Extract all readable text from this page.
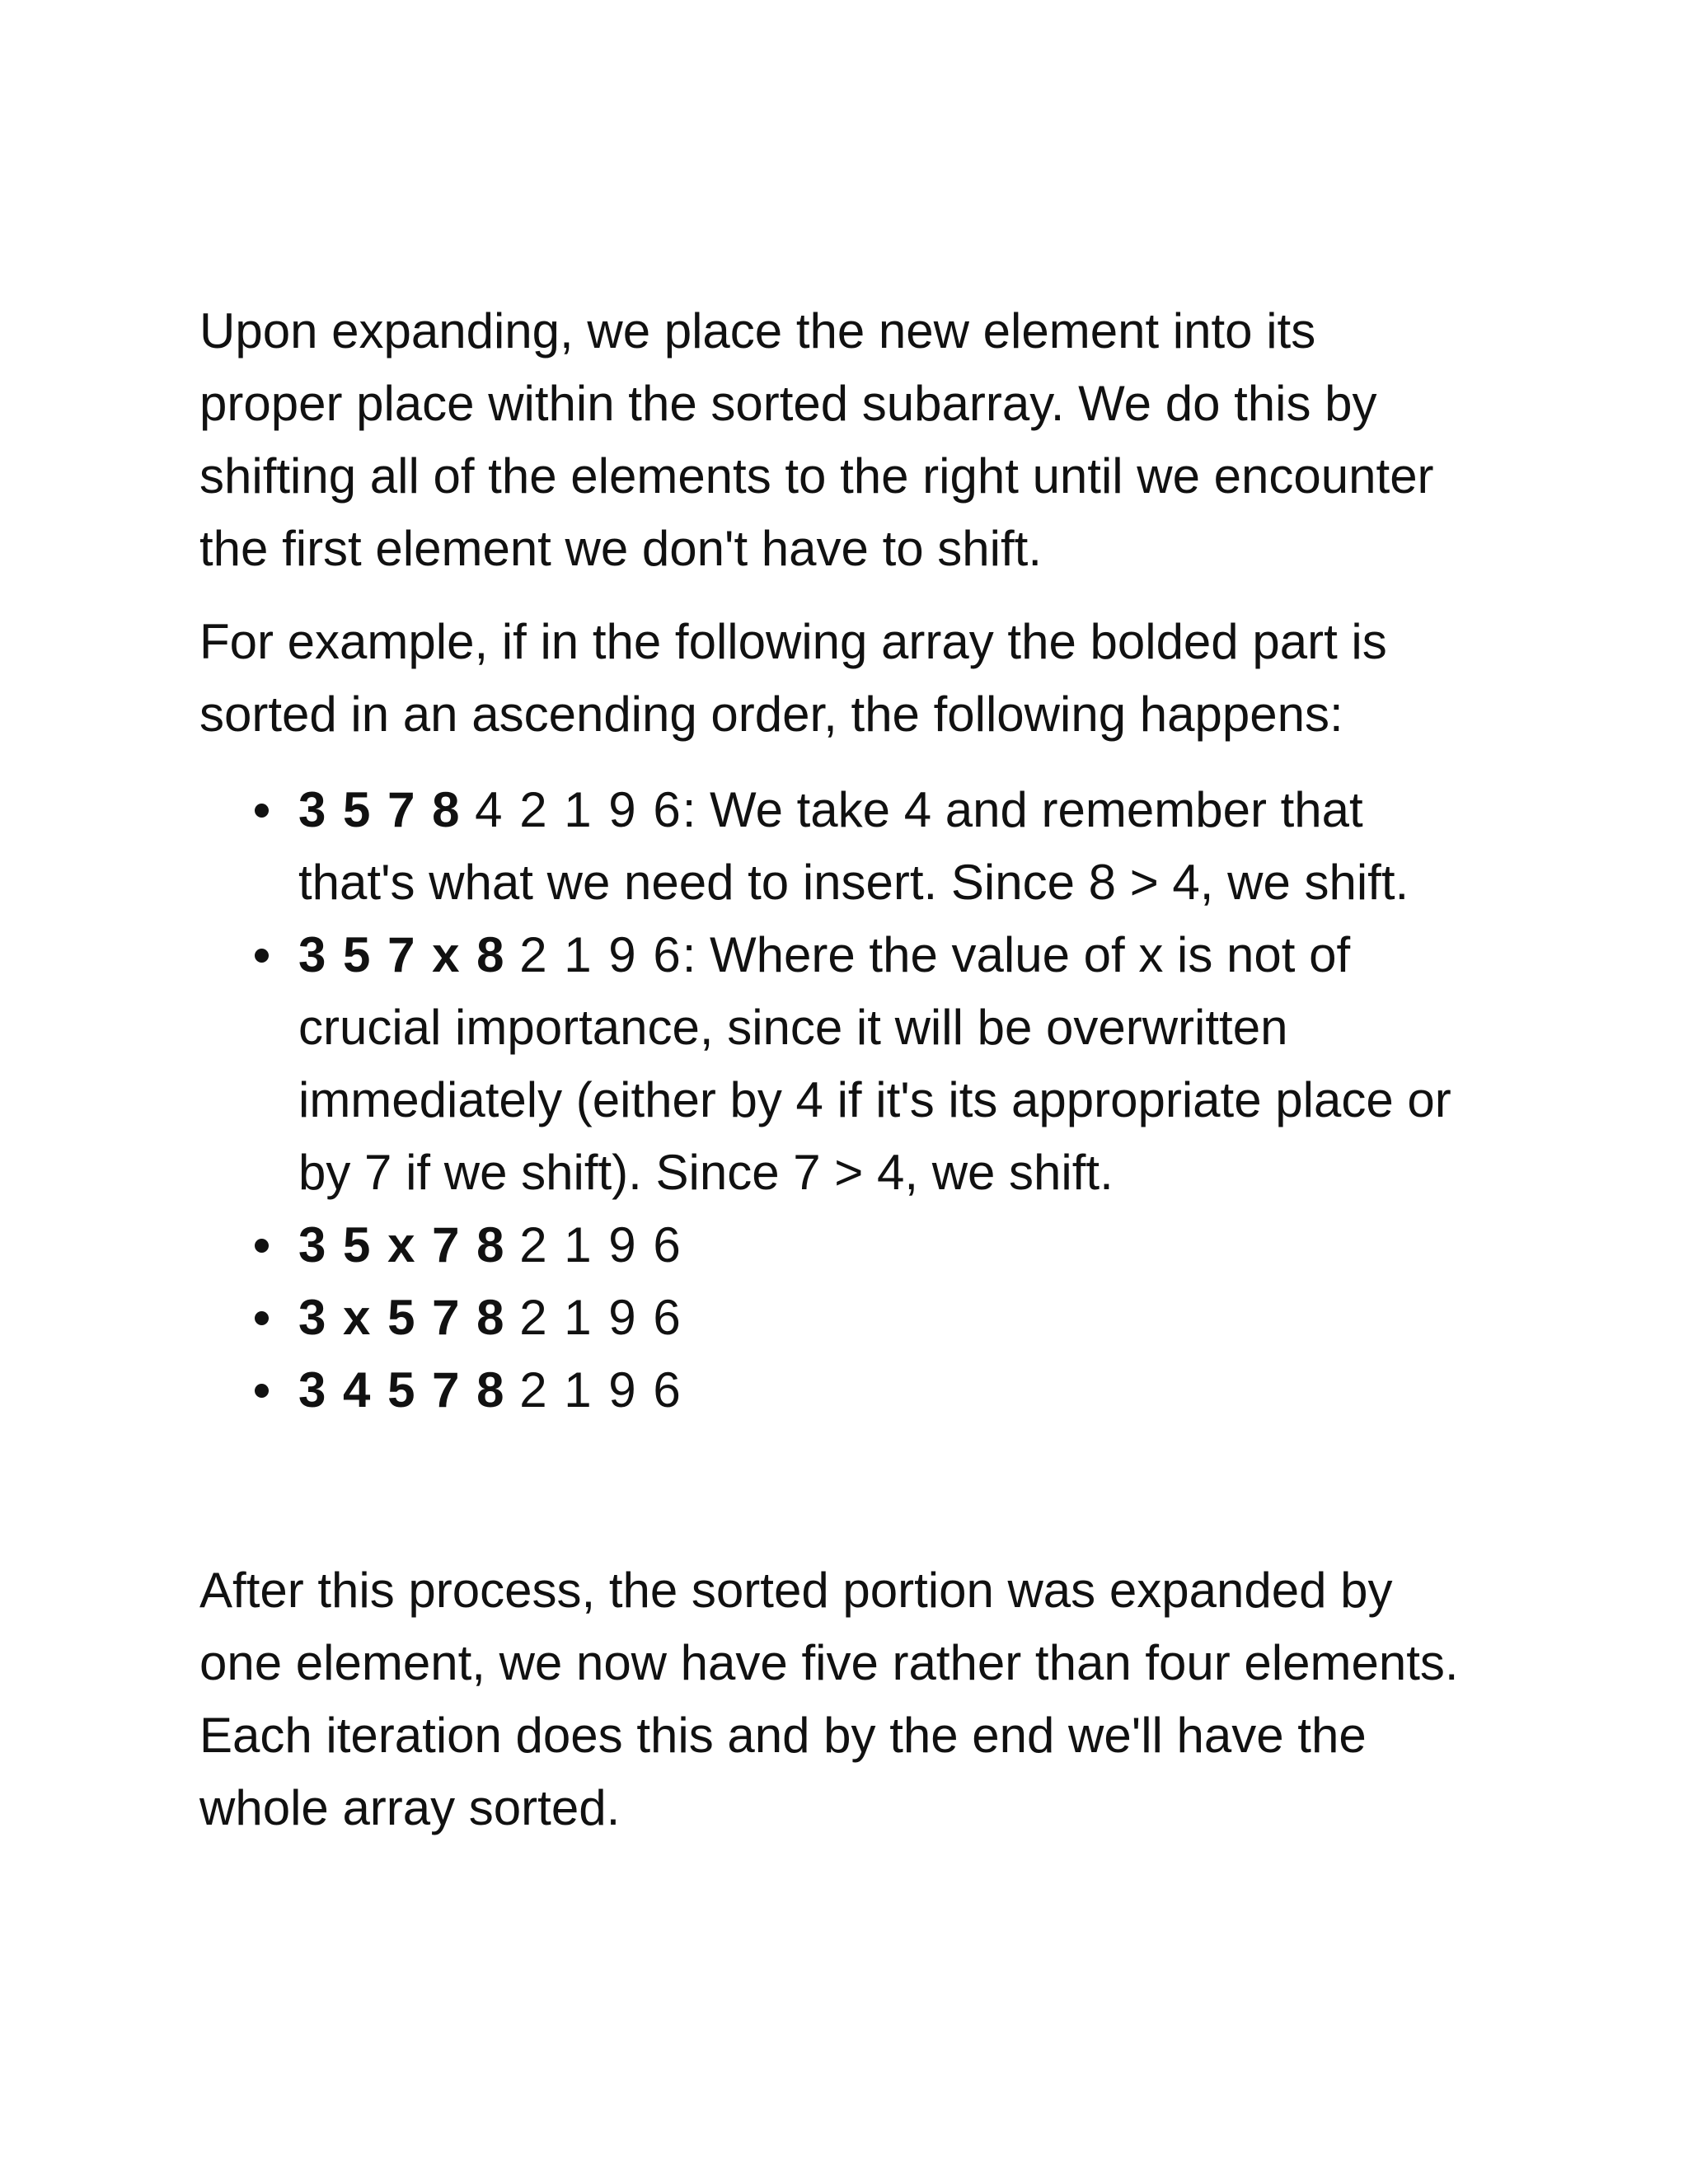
Upon expanding, we place the new element into its proper place within the sorted subarray. We do this by shifting all of the elements to the right until we encounter the first element we don't have to shift.

For example, if in the following array the bolded part is sorted in an ascending order, the following happens:

3 5 7 8 4 2 1 9 6: We take 4 and remember that that's what we need to insert. Since 8 > 4, we shift.
3 5 7 x 8 2 1 9 6: Where the value of x is not of crucial importance, since it will be overwritten immediately (either by 4 if it's its appropriate place or by 7 if we shift). Since 7 > 4, we shift.
3 5 x 7 8 2 1 9 6
3 x 5 7 8 2 1 9 6
3 4 5 7 8 2 1 9 6

After this process, the sorted portion was expanded by one element, we now have five rather than four elements. Each iteration does this and by the end we'll have the whole array sorted.
